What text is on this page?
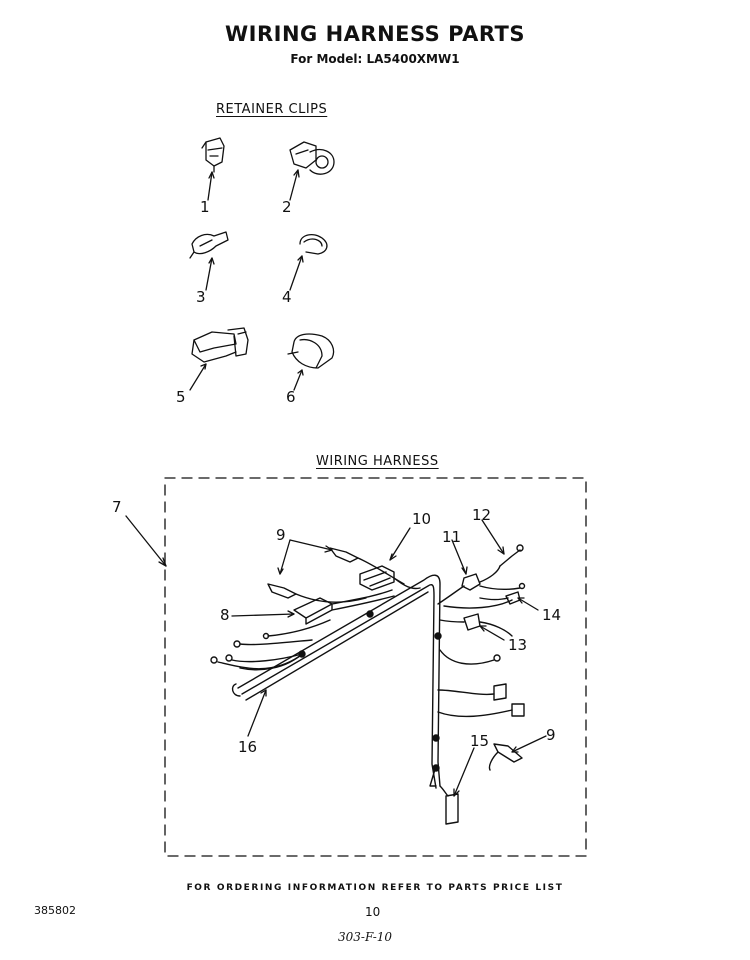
WIRING HARNESS PARTS
For Model: LA5400XMW1
RETAINER CLIPS
WIRING HARNESS
1	2
3	4
5	6
7
8
9
10
11
12
13
14
15
16
9
FOR ORDERING INFORMATION REFER TO PARTS PRICE LIST
385802	10
303-F-10
